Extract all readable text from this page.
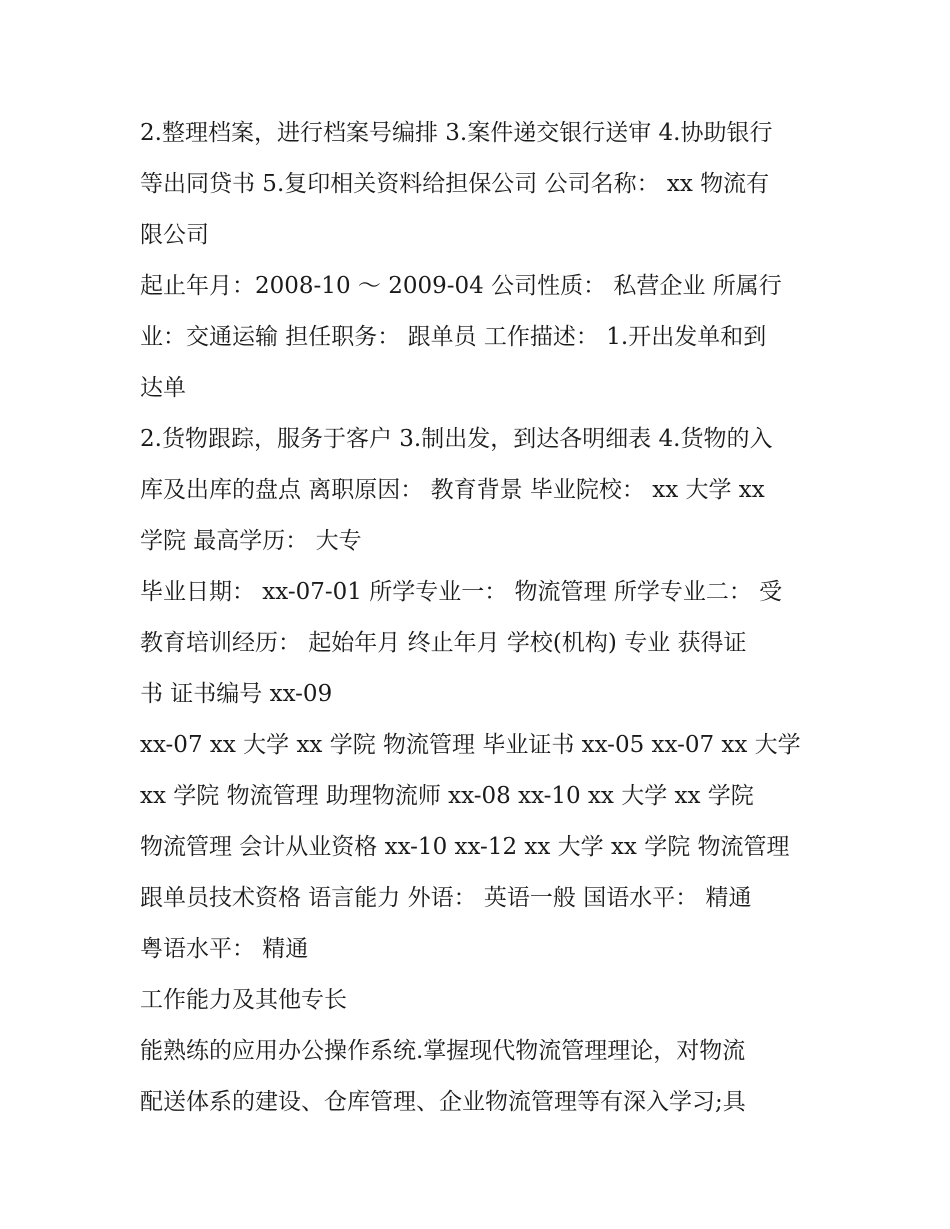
2.整理档案，进行档案号编排 3.案件递交银行送审 4.协助银行
等出同贷书 5.复印相关资料给担保公司 公司名称： xx 物流有
限公司
起止年月：2008-10 ～ 2009-04 公司性质： 私营企业 所属行
业：交通运输 担任职务： 跟单员 工作描述： 1.开出发单和到
达单
2.货物跟踪，服务于客户 3.制出发，到达各明细表 4.货物的入
库及出库的盘点 离职原因： 教育背景 毕业院校： xx 大学 xx
学院 最高学历： 大专
毕业日期： xx-07-01 所学专业一： 物流管理 所学专业二： 受
教育培训经历： 起始年月 终止年月 学校(机构) 专业 获得证
书 证书编号 xx-09
xx-07 xx 大学 xx 学院 物流管理 毕业证书 xx-05 xx-07 xx 大学
xx 学院 物流管理 助理物流师 xx-08 xx-10 xx 大学 xx 学院
物流管理 会计从业资格 xx-10 xx-12 xx 大学 xx 学院 物流管理
跟单员技术资格 语言能力 外语： 英语一般 国语水平： 精通
粤语水平： 精通
工作能力及其他专长
能熟练的应用办公操作系统.掌握现代物流管理理论，对物流
配送体系的建设、仓库管理、企业物流管理等有深入学习;具
